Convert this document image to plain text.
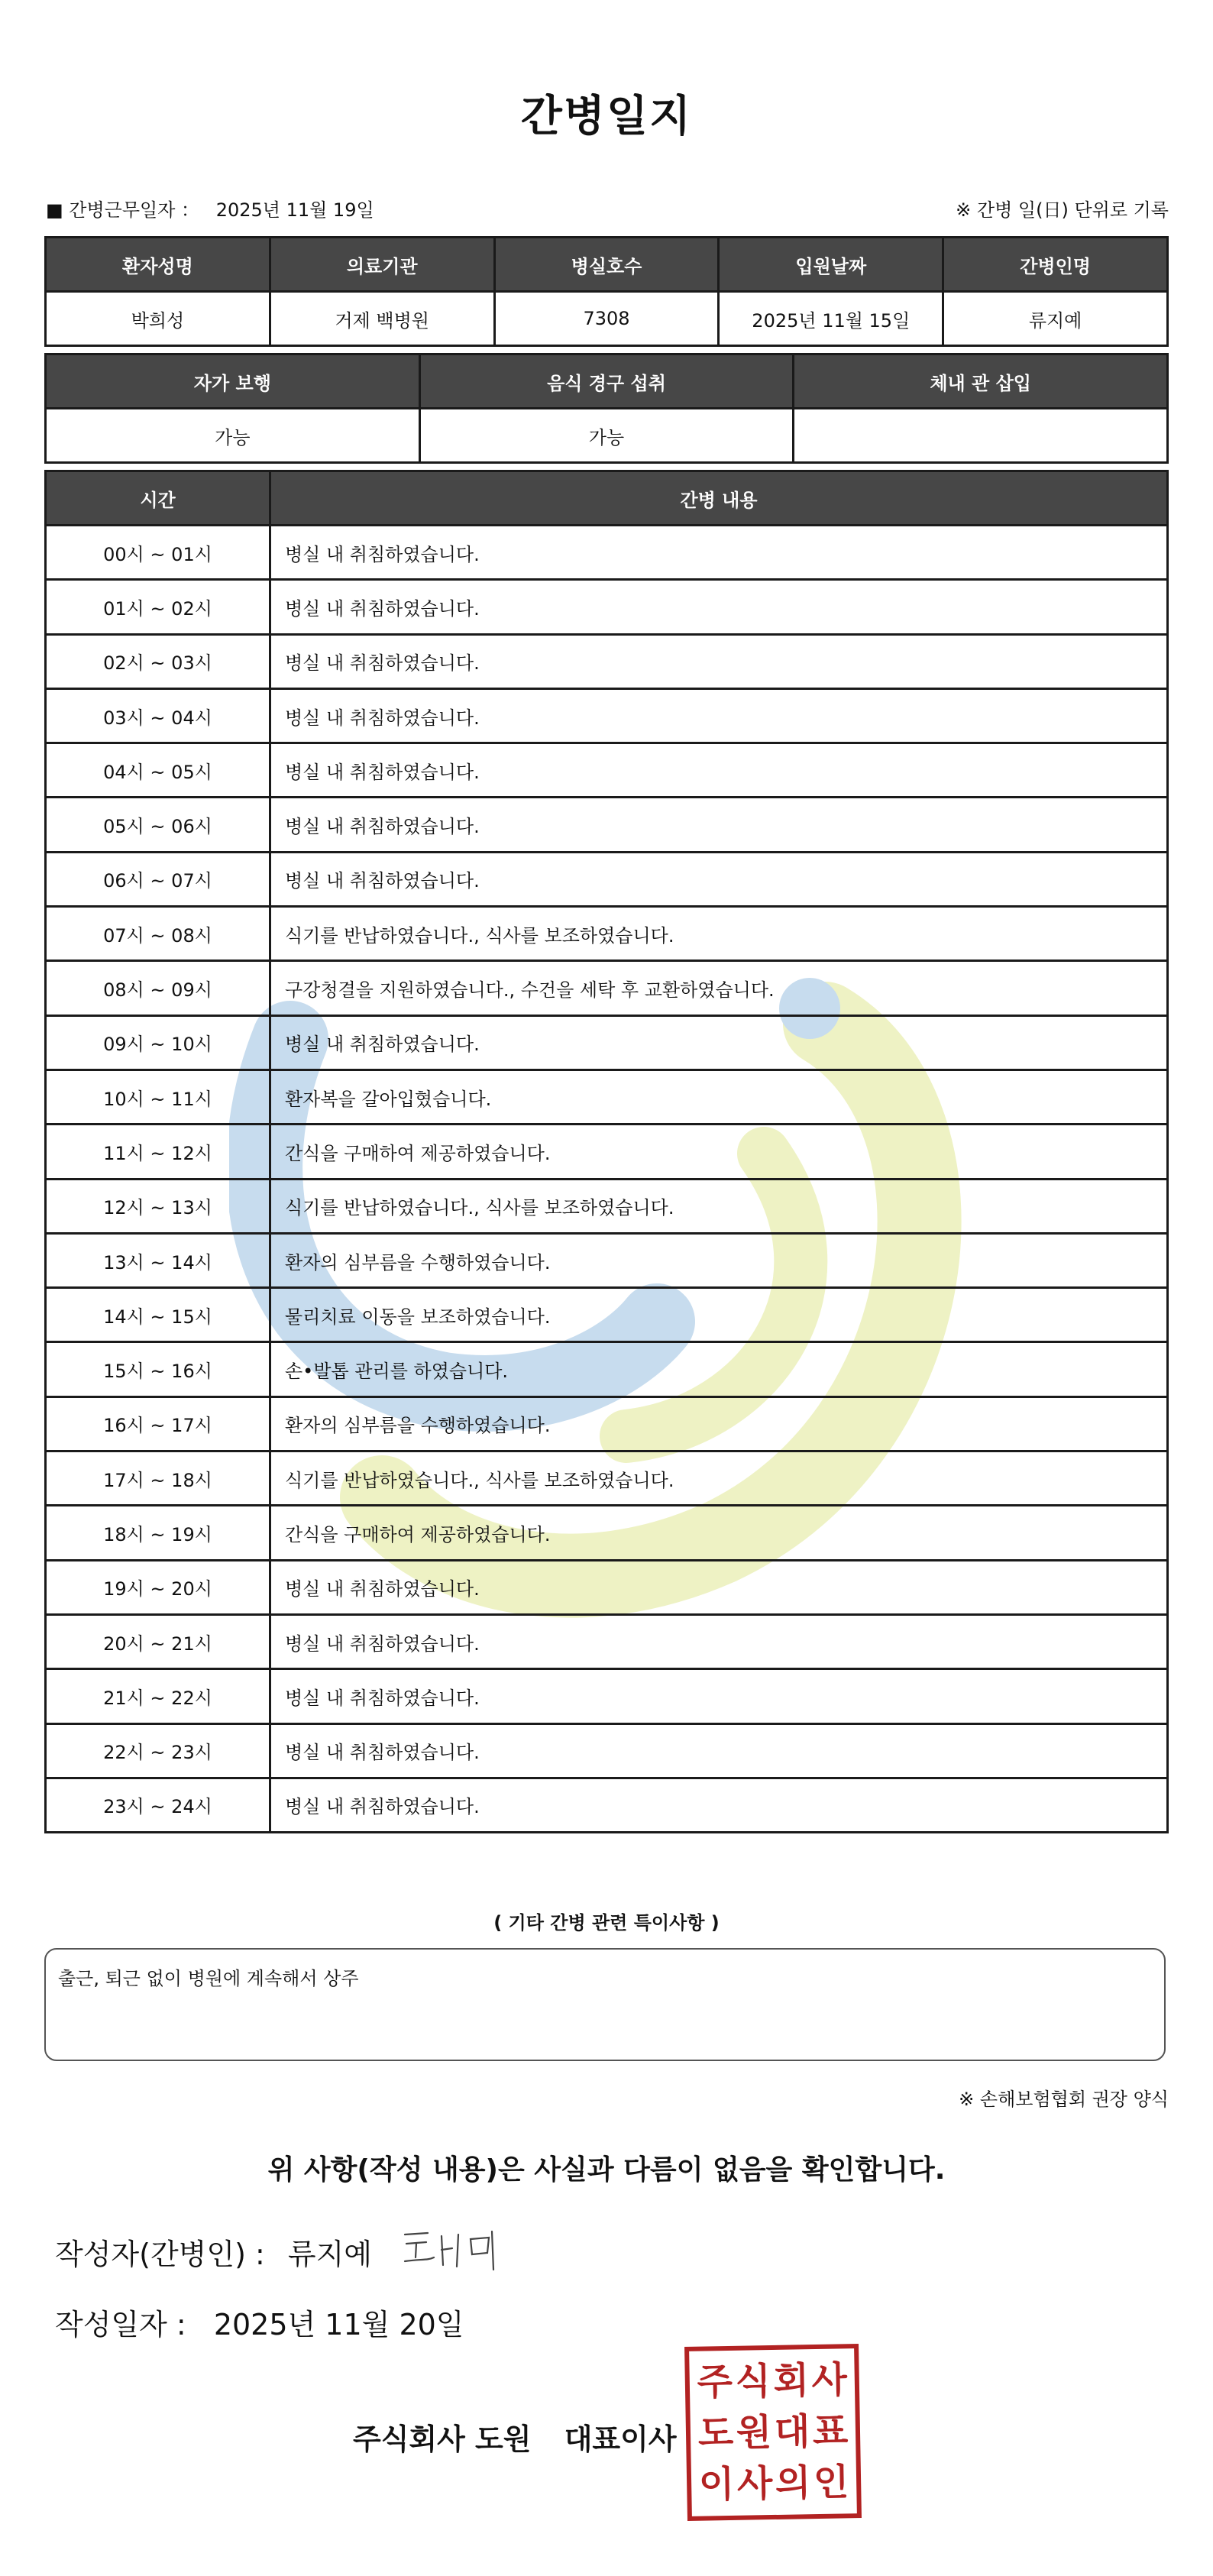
간병일지
■ 간병근무일자 ： 2025년 11월 19일	※ 간병 일(日) 단위로 기록
환자성명	의료기관	병실호수	입원날짜	간병인명
박희성	거제 백병원	7308	2025년 11월 15일	류지예
자가 보행	음식 경구 섭취	체내 관 삽입
가능	가능	
시간	간병 내용
00시 ~ 01시	병실 내 취침하였습니다.
01시 ~ 02시	병실 내 취침하였습니다.
02시 ~ 03시	병실 내 취침하였습니다.
03시 ~ 04시	병실 내 취침하였습니다.
04시 ~ 05시	병실 내 취침하였습니다.
05시 ~ 06시	병실 내 취침하였습니다.
06시 ~ 07시	병실 내 취침하였습니다.
07시 ~ 08시	식기를 반납하였습니다., 식사를 보조하였습니다.
08시 ~ 09시	구강청결을 지원하였습니다., 수건을 세탁 후 교환하였습니다.
09시 ~ 10시	병실 내 취침하였습니다.
10시 ~ 11시	환자복을 갈아입혔습니다.
11시 ~ 12시	간식을 구매하여 제공하였습니다.
12시 ~ 13시	식기를 반납하였습니다., 식사를 보조하였습니다.
13시 ~ 14시	환자의 심부름을 수행하였습니다.
14시 ~ 15시	물리치료 이동을 보조하였습니다.
15시 ~ 16시	손•발톱 관리를 하였습니다.
16시 ~ 17시	환자의 심부름을 수행하였습니다.
17시 ~ 18시	식기를 반납하였습니다., 식사를 보조하였습니다.
18시 ~ 19시	간식을 구매하여 제공하였습니다.
19시 ~ 20시	병실 내 취침하였습니다.
20시 ~ 21시	병실 내 취침하였습니다.
21시 ~ 22시	병실 내 취침하였습니다.
22시 ~ 23시	병실 내 취침하였습니다.
23시 ~ 24시	병실 내 취침하였습니다.
( 기타 간병 관련 특이사항 )
출근, 퇴근 없이 병원에 계속해서 상주
※ 손해보험협회 권장 양식
위 사항(작성 내용)은 사실과 다름이 없음을 확인합니다.
작성자(간병인) : 류지예
작성일자 : 2025년 11월 20일
주식회사 도원 대표이사
주 식 회 사
도 원 대 표
이 사 의 인
